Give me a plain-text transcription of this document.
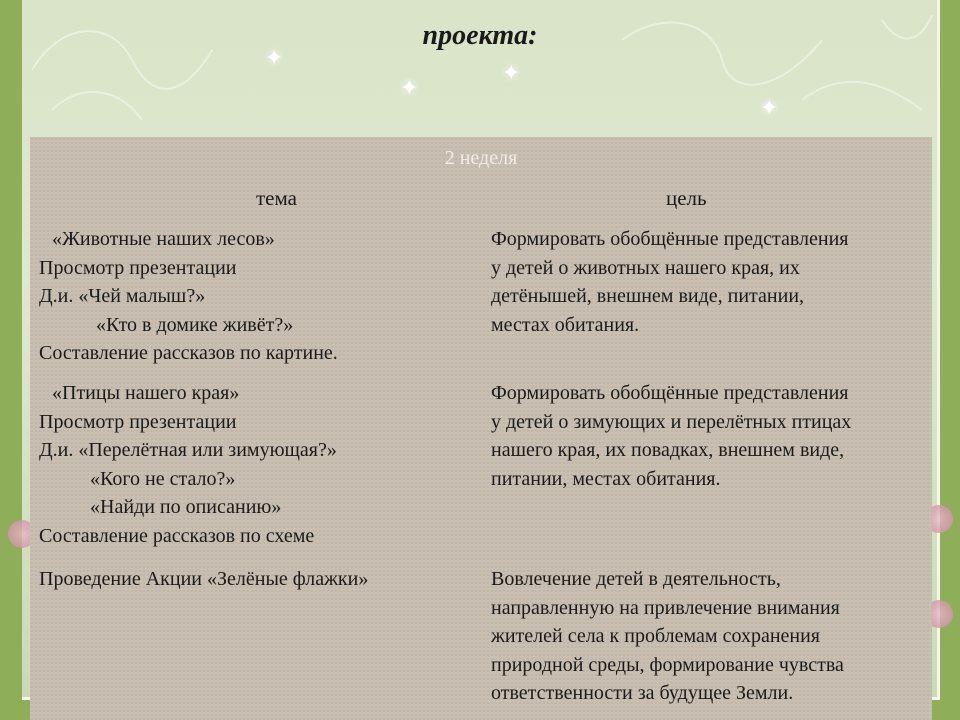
проекта:
✦
✦
✦
✦
2 неделя
тема	цель
«Животные наших лесов»
Просмотр презентации
Д.и. «Чей малыш?»
«Кто в домике живёт?»
Составление рассказов по картине.
Формировать обобщённые представления
у детей о животных нашего края, их
детёнышей, внешнем виде, питании,
местах обитания.
«Птицы нашего края»
Просмотр презентации
Д.и. «Перелётная или зимующая?»
«Кого не стало?»
«Найди по описанию»
Составление рассказов по схеме
Формировать обобщённые представления
у детей о зимующих и перелётных птицах
нашего края, их повадках, внешнем виде,
питании, местах обитания.
Проведение Акции «Зелёные флажки»	Вовлечение детей в деятельность,
направленную на привлечение внимания
жителей села к проблемам сохранения
природной среды, формирование чувства
ответственности за будущее Земли.
